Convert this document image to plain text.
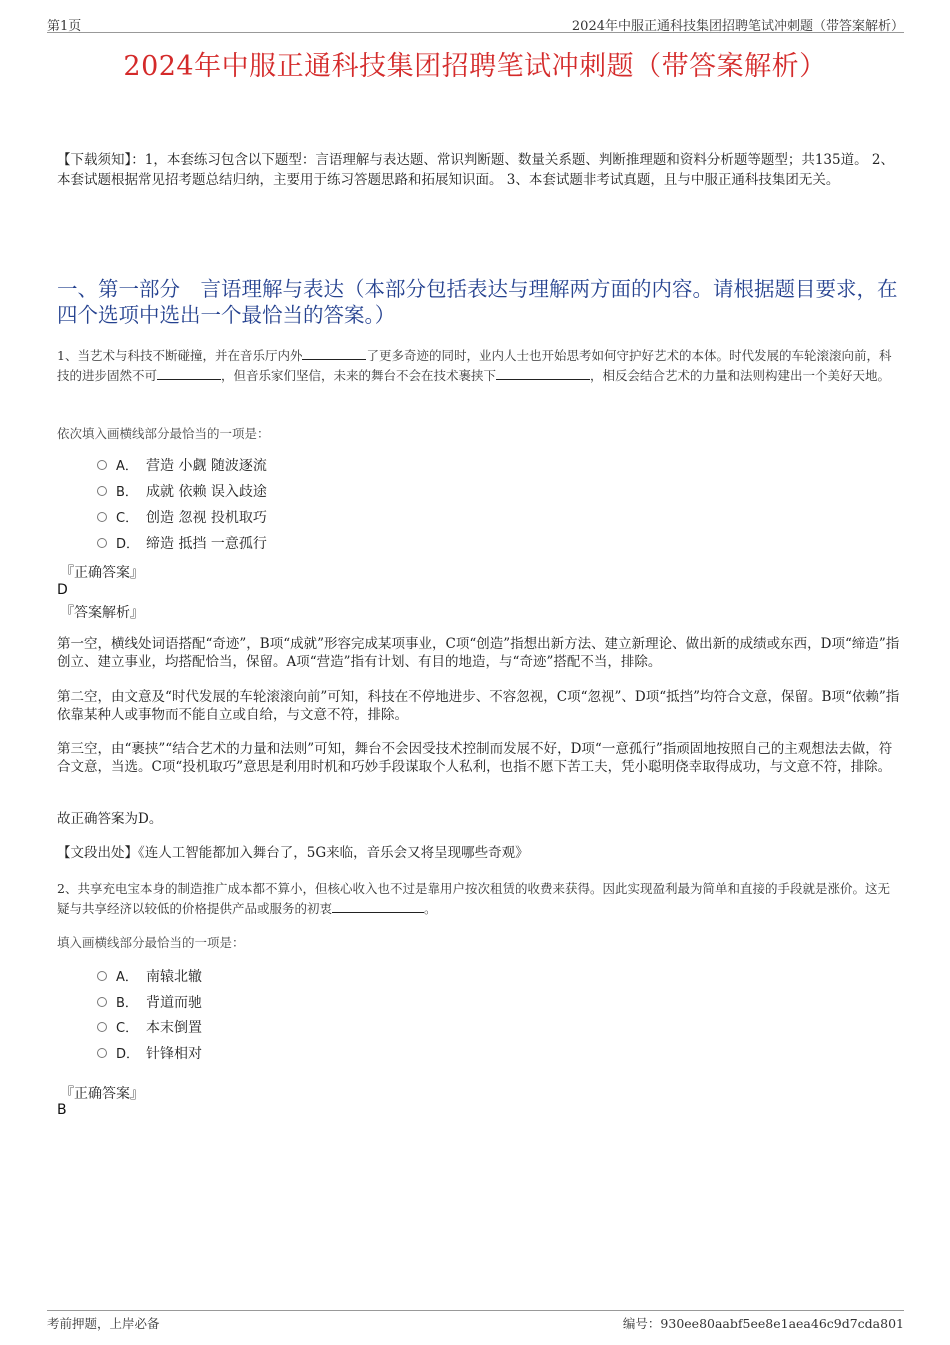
第1页	2024年中服正通科技集团招聘笔试冲刺题（带答案解析）
2024年中服正通科技集团招聘笔试冲刺题（带答案解析）
【下载须知】：1，本套练习包含以下题型：言语理解与表达题、常识判断题、数量关系题、判断推理题和资料分析题等题型；共135道。 2、本套试题根据常见招考题总结归纳，主要用于练习答题思路和拓展知识面。 3、本套试题非考试真题，且与中服正通科技集团无关。
一、第一部分　言语理解与表达（本部分包括表达与理解两方面的内容。请根据题目要求，在四个选项中选出一个最恰当的答案。）
1、当艺术与科技不断碰撞，并在音乐厅内外	了更多奇迹的同时，业内人士也开始思考如何守护好艺术的本体。时代发展的车轮滚滚向前，科技的进步固然不可	，但音乐家们坚信，未来的舞台不会在技术裹挟下	，相反会结合艺术的力量和法则构建出一个美好天地。
依次填入画横线部分最恰当的一项是：
A． 营造 小觑 随波逐流
B． 成就 依赖 误入歧途
C． 创造 忽视 投机取巧
D． 缔造 抵挡 一意孤行
『正确答案』
D
『答案解析』
第一空，横线处词语搭配“奇迹”，B项“成就”形容完成某项事业，C项“创造”指想出新方法、建立新理论、做出新的成绩或东西，D项“缔造”指创立、建立事业，均搭配恰当，保留。A项“营造”指有计划、有目的地造，与“奇迹”搭配不当，排除。
第二空，由文意及“时代发展的车轮滚滚向前”可知，科技在不停地进步、不容忽视，C项“忽视”、D项“抵挡”均符合文意，保留。B项“依赖”指依靠某种人或事物而不能自立或自给，与文意不符，排除。
第三空，由“裹挟”“结合艺术的力量和法则”可知，舞台不会因受技术控制而发展不好，D项“一意孤行”指顽固地按照自己的主观想法去做，符合文意，当选。C项“投机取巧”意思是利用时机和巧妙手段谋取个人私利，也指不愿下苦工夫，凭小聪明侥幸取得成功，与文意不符，排除。
故正确答案为D。
【文段出处】《连人工智能都加入舞台了，5G来临，音乐会又将呈现哪些奇观》
2、共享充电宝本身的制造推广成本都不算小，但核心收入也不过是靠用户按次租赁的收费来获得。因此实现盈利最为简单和直接的手段就是涨价。这无疑与共享经济以较低的价格提供产品或服务的初衷	。
填入画横线部分最恰当的一项是：
A． 南辕北辙
B． 背道而驰
C． 本末倒置
D． 针锋相对
『正确答案』
B
考前押题，上岸必备	编号：930ee80aabf5ee8e1aea46c9d7cda801
